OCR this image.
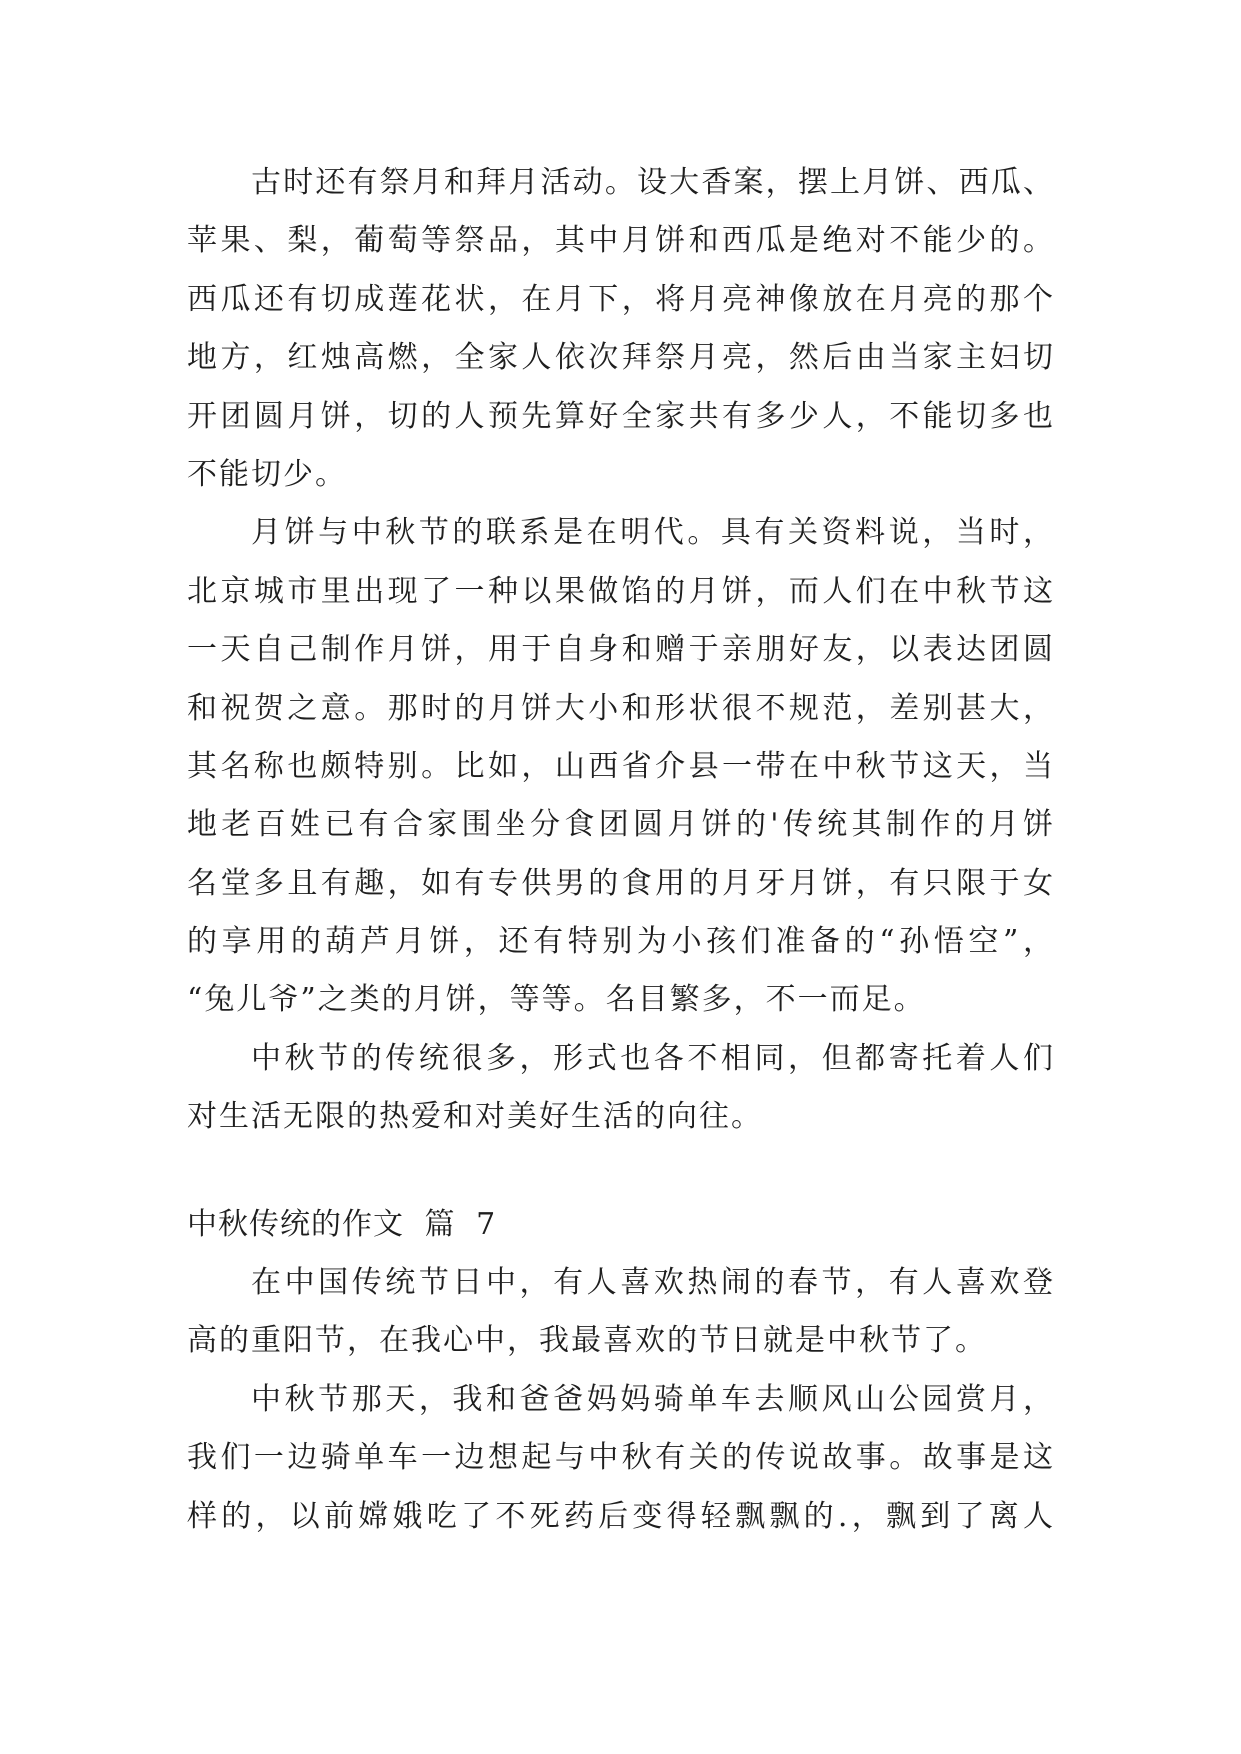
古时还有祭月和拜月活动。设大香案，摆上月饼、西瓜、
苹果、梨，葡萄等祭品，其中月饼和西瓜是绝对不能少的。
西瓜还有切成莲花状，在月下，将月亮神像放在月亮的那个
地方，红烛高燃，全家人依次拜祭月亮，然后由当家主妇切
开团圆月饼，切的人预先算好全家共有多少人，不能切多也
不能切少。
月饼与中秋节的联系是在明代。具有关资料说，当时，
北京城市里出现了一种以果做馅的月饼，而人们在中秋节这
一天自己制作月饼，用于自身和赠于亲朋好友，以表达团圆
和祝贺之意。那时的月饼大小和形状很不规范，差别甚大，
其名称也颇特别。比如，山西省介县一带在中秋节这天，当
地老百姓已有合家围坐分食团圆月饼的'传统其制作的月饼
名堂多且有趣，如有专供男的食用的月牙月饼，有只限于女
的享用的葫芦月饼，还有特别为小孩们准备的“孙悟空”，
“兔儿爷”之类的月饼，等等。名目繁多，不一而足。
中秋节的传统很多，形式也各不相同，但都寄托着人们
对生活无限的热爱和对美好生活的向往。
中秋传统的作文 篇 7
在中国传统节日中，有人喜欢热闹的春节，有人喜欢登
高的重阳节，在我心中，我最喜欢的节日就是中秋节了。
中秋节那天，我和爸爸妈妈骑单车去顺风山公园赏月，
我们一边骑单车一边想起与中秋有关的传说故事。故事是这
样的，以前嫦娥吃了不死药后变得轻飘飘的.，飘到了离人
